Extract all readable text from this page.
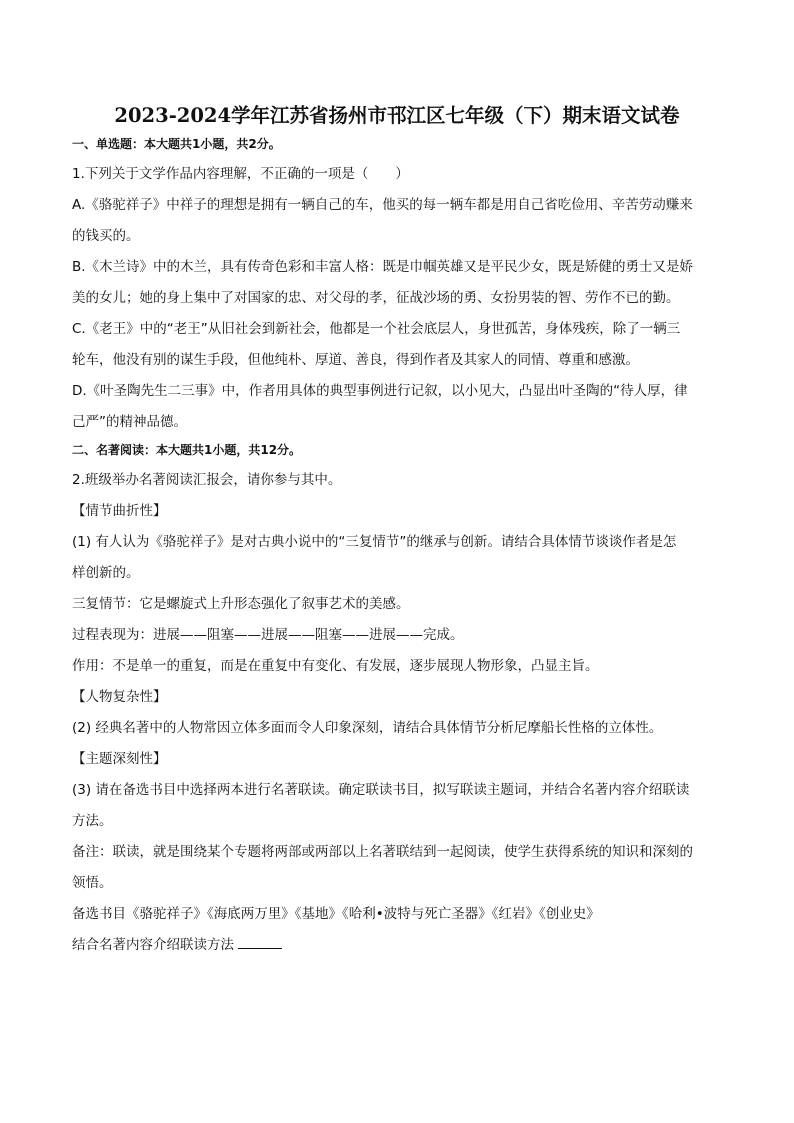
2023-2024学年江苏省扬州市邗江区七年级（下）期末语文试卷
一、单选题：本大题共1小题，共2分。
1.下列关于文学作品内容理解，不正确的一项是（　　）
A.《骆驼祥子》中祥子的理想是拥有一辆自己的车，他买的每一辆车都是用自己省吃俭用、辛苦劳动赚来
的钱买的。
B.《木兰诗》中的木兰，具有传奇色彩和丰富人格：既是巾帼英雄又是平民少女，既是矫健的勇士又是娇
美的女儿；她的身上集中了对国家的忠、对父母的孝，征战沙场的勇、女扮男装的智、劳作不已的勤。
C.《老王》中的“老王”从旧社会到新社会，他都是一个社会底层人，身世孤苦，身体残疾，除了一辆三
轮车，他没有别的谋生手段，但他纯朴、厚道、善良，得到作者及其家人的同情、尊重和感激。
D.《叶圣陶先生二三事》中，作者用具体的典型事例进行记叙，以小见大，凸显出叶圣陶的“待人厚，律
己严”的精神品德。
二、名著阅读：本大题共1小题，共12分。
2.班级举办名著阅读汇报会，请你参与其中。
【情节曲折性】
(1) 有人认为《骆驼祥子》是对古典小说中的“三复情节”的继承与创新。请结合具体情节谈谈作者是怎
样创新的。
三复情节：它是螺旋式上升形态强化了叙事艺术的美感。
过程表现为：进展——阻塞——进展——阻塞——进展——完成。
作用：不是单一的重复，而是在重复中有变化、有发展，逐步展现人物形象，凸显主旨。
【人物复杂性】
(2) 经典名著中的人物常因立体多面而令人印象深刻，请结合具体情节分析尼摩船长性格的立体性。
【主题深刻性】
(3) 请在备选书目中选择两本进行名著联读。确定联读书目，拟写联读主题词，并结合名著内容介绍联读
方法。
备注：联读，就是围绕某个专题将两部或两部以上名著联结到一起阅读，使学生获得系统的知识和深刻的
领悟。
备选书目《骆驼祥子》《海底两万里》《基地》《哈利•波特与死亡圣器》《红岩》《创业史》
结合名著内容介绍联读方法
